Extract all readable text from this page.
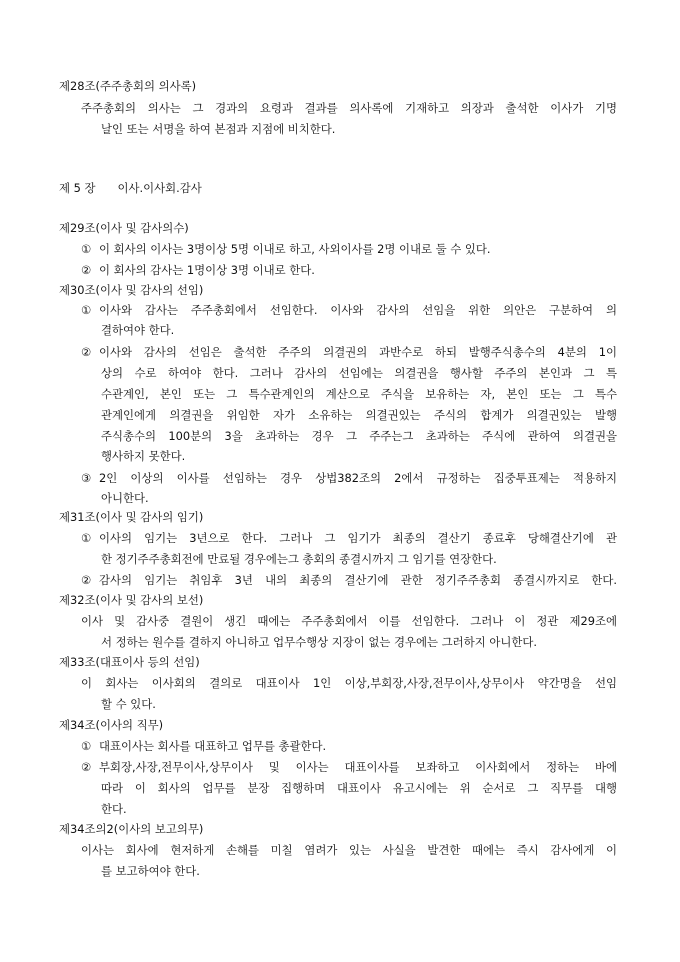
제28조(주주총회의 의사록)
주주총회의 의사는 그 경과의 요령과 결과를 의사록에 기재하고 의장과 출석한 이사가 기명
날인 또는 서명을 하여 본점과 지점에 비치한다.
제 5 장 이사.이사회.감사
제29조(이사 및 감사의수)
① 이 회사의 이사는 3명이상 5명 이내로 하고, 사외이사를 2명 이내로 둘 수 있다.
② 이 회사의 감사는 1명이상 3명 이내로 한다.
제30조(이사 및 감사의 선임)
① 이사와 감사는 주주총회에서 선임한다. 이사와 감사의 선임을 위한 의안은 구분하여 의
결하여야 한다.
② 이사와 감사의 선임은 출석한 주주의 의결권의 과반수로 하되 발행주식총수의 4분의 1이
상의 수로 하여야 한다. 그러나 감사의 선임에는 의결권을 행사할 주주의 본인과 그 특
수관계인, 본인 또는 그 특수관계인의 계산으로 주식을 보유하는 자, 본인 또는 그 특수
관계인에게 의결권을 위임한 자가 소유하는 의결권있는 주식의 합계가 의결권있는 발행
주식총수의 100분의 3을 초과하는 경우 그 주주는그 초과하는 주식에 관하여 의결권을
행사하지 못한다.
③ 2인 이상의 이사를 선임하는 경우 상법382조의 2에서 규정하는 집중투표제는 적용하지
아니한다.
제31조(이사 및 감사의 임기)
① 이사의 임기는 3년으로 한다. 그러나 그 임기가 최종의 결산기 종료후 당해결산기에 관
한 정기주주총회전에 만료될 경우에는그 총회의 종결시까지 그 임기를 연장한다.
② 감사의 임기는 취임후 3년 내의 최종의 결산기에 관한 정기주주총회 종결시까지로 한다.
제32조(이사 및 감사의 보선)
이사 및 감사중 결원이 생긴 때에는 주주총회에서 이를 선임한다. 그러나 이 정관 제29조에
서 정하는 원수를 결하지 아니하고 업무수행상 지장이 없는 경우에는 그러하지 아니한다.
제33조(대표이사 등의 선임)
이 회사는 이사회의 결의로 대표이사 1인 이상,부회장,사장,전무이사,상무이사 약간명을 선임
할 수 있다.
제34조(이사의 직무)
① 대표이사는 회사를 대표하고 업무를 총괄한다.
② 부회장,사장,전무이사,상무이사 및 이사는 대표이사를 보좌하고 이사회에서 정하는 바에
따라 이 회사의 업무를 분장 집행하며 대표이사 유고시에는 위 순서로 그 직무를 대행
한다.
제34조의2(이사의 보고의무)
이사는 회사에 현저하게 손해를 미칠 염려가 있는 사실을 발견한 때에는 즉시 감사에게 이
를 보고하여야 한다.
